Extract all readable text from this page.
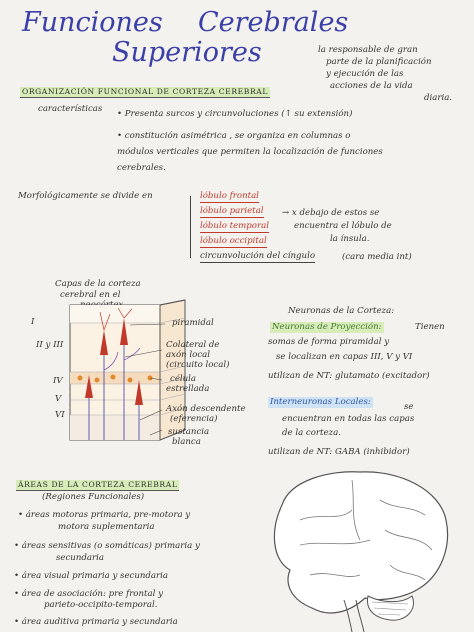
Funciones Cerebrales
Superiores	la responsable de gran
parte de la planificación
y ejecución de las
acciones de la vida
diaria.
ORGANIZACIÓN FUNCIONAL DE CORTEZA CEREBRAL
características • Presenta surcos y circunvoluciones (↑ su extensión)
• constitución asimétrica , se organiza en columnas o
módulos verticales que permiten la localización de funciones
cerebrales.
Morfológicamente se divide en	lóbulo frontal
lóbulo parietal
lóbulo temporal
lóbulo occipital
circunvolución del cíngulo	(cara media int)
→ x debajo de estos se
encuentra el lóbulo de
la ínsula.
Capas de la corteza
cerebral en el
I
II y III
IV
V
VI
piramidal
Colateral de
axón local
(circuito local)
célula
estrellada
Axón descendente
(eferencia)
sustancia
blanca
Neuronas de la Corteza:
Neuronas de Proyección:	Tienen
somas de forma piramidal y
se localizan en capas III, V y VI
utilizan de NT: glutamato (excitador)
Interneuronas Locales:	se
encuentran en todas las capas
de la corteza.
utilizan de NT: GABA (inhibidor)
ÁREAS DE LA CORTEZA CEREBRAL
(Regiones Funcionales)
• áreas motoras primaria, pre-motora y
motora suplementaria
• áreas sensitivas (o somáticas) primaria y
secundaria
• área visual primaria y secundaria
• área de asociación: pre frontal y
parieto-occipito-temporal.
• área auditiva primaria y secundaria
